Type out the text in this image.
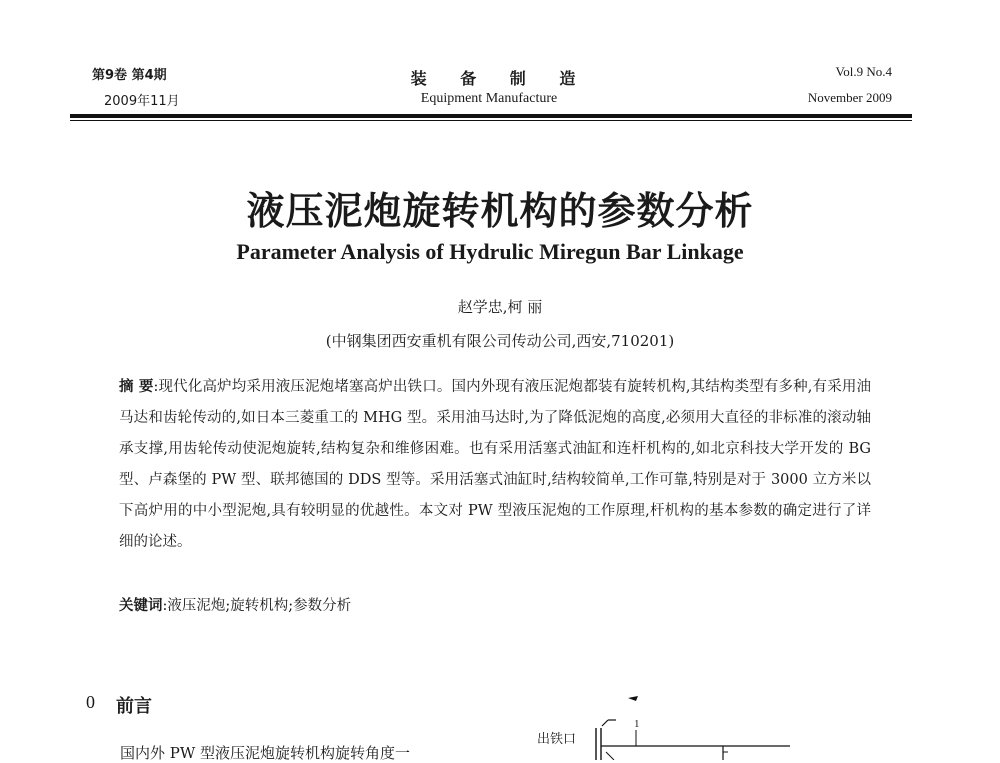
第9卷 第4期
2009年11月
装 备 制 造
Equipment Manufacture
Vol.9 No.4
November 2009
液压泥炮旋转机构的参数分析
Parameter Analysis of Hydrulic Miregun Bar Linkage
赵学忠,柯 丽
(中钢集团西安重机有限公司传动公司,西安,710201)
摘 要:现代化高炉均采用液压泥炮堵塞高炉出铁口。国内外现有液压泥炮都装有旋转机构,其结构类型有多种,有采用油马达和齿轮传动的,如日本三菱重工的 MHG 型。采用油马达时,为了降低泥炮的高度,必须用大直径的非标准的滚动轴承支撑,用齿轮传动使泥炮旋转,结构复杂和维修困难。也有采用活塞式油缸和连杆机构的,如北京科技大学开发的 BG 型、卢森堡的 PW 型、联邦德国的 DDS 型等。采用活塞式油缸时,结构较简单,工作可靠,特别是对于 3000 立方米以下高炉用的中小型泥炮,具有较明显的优越性。本文对 PW 型液压泥炮的工作原理,杆机构的基本参数的确定进行了详细的论述。
关键词:液压泥炮;旋转机构;参数分析
0 前言
国内外 PW 型液压泥炮旋转机构旋转角度一
出铁口
1
